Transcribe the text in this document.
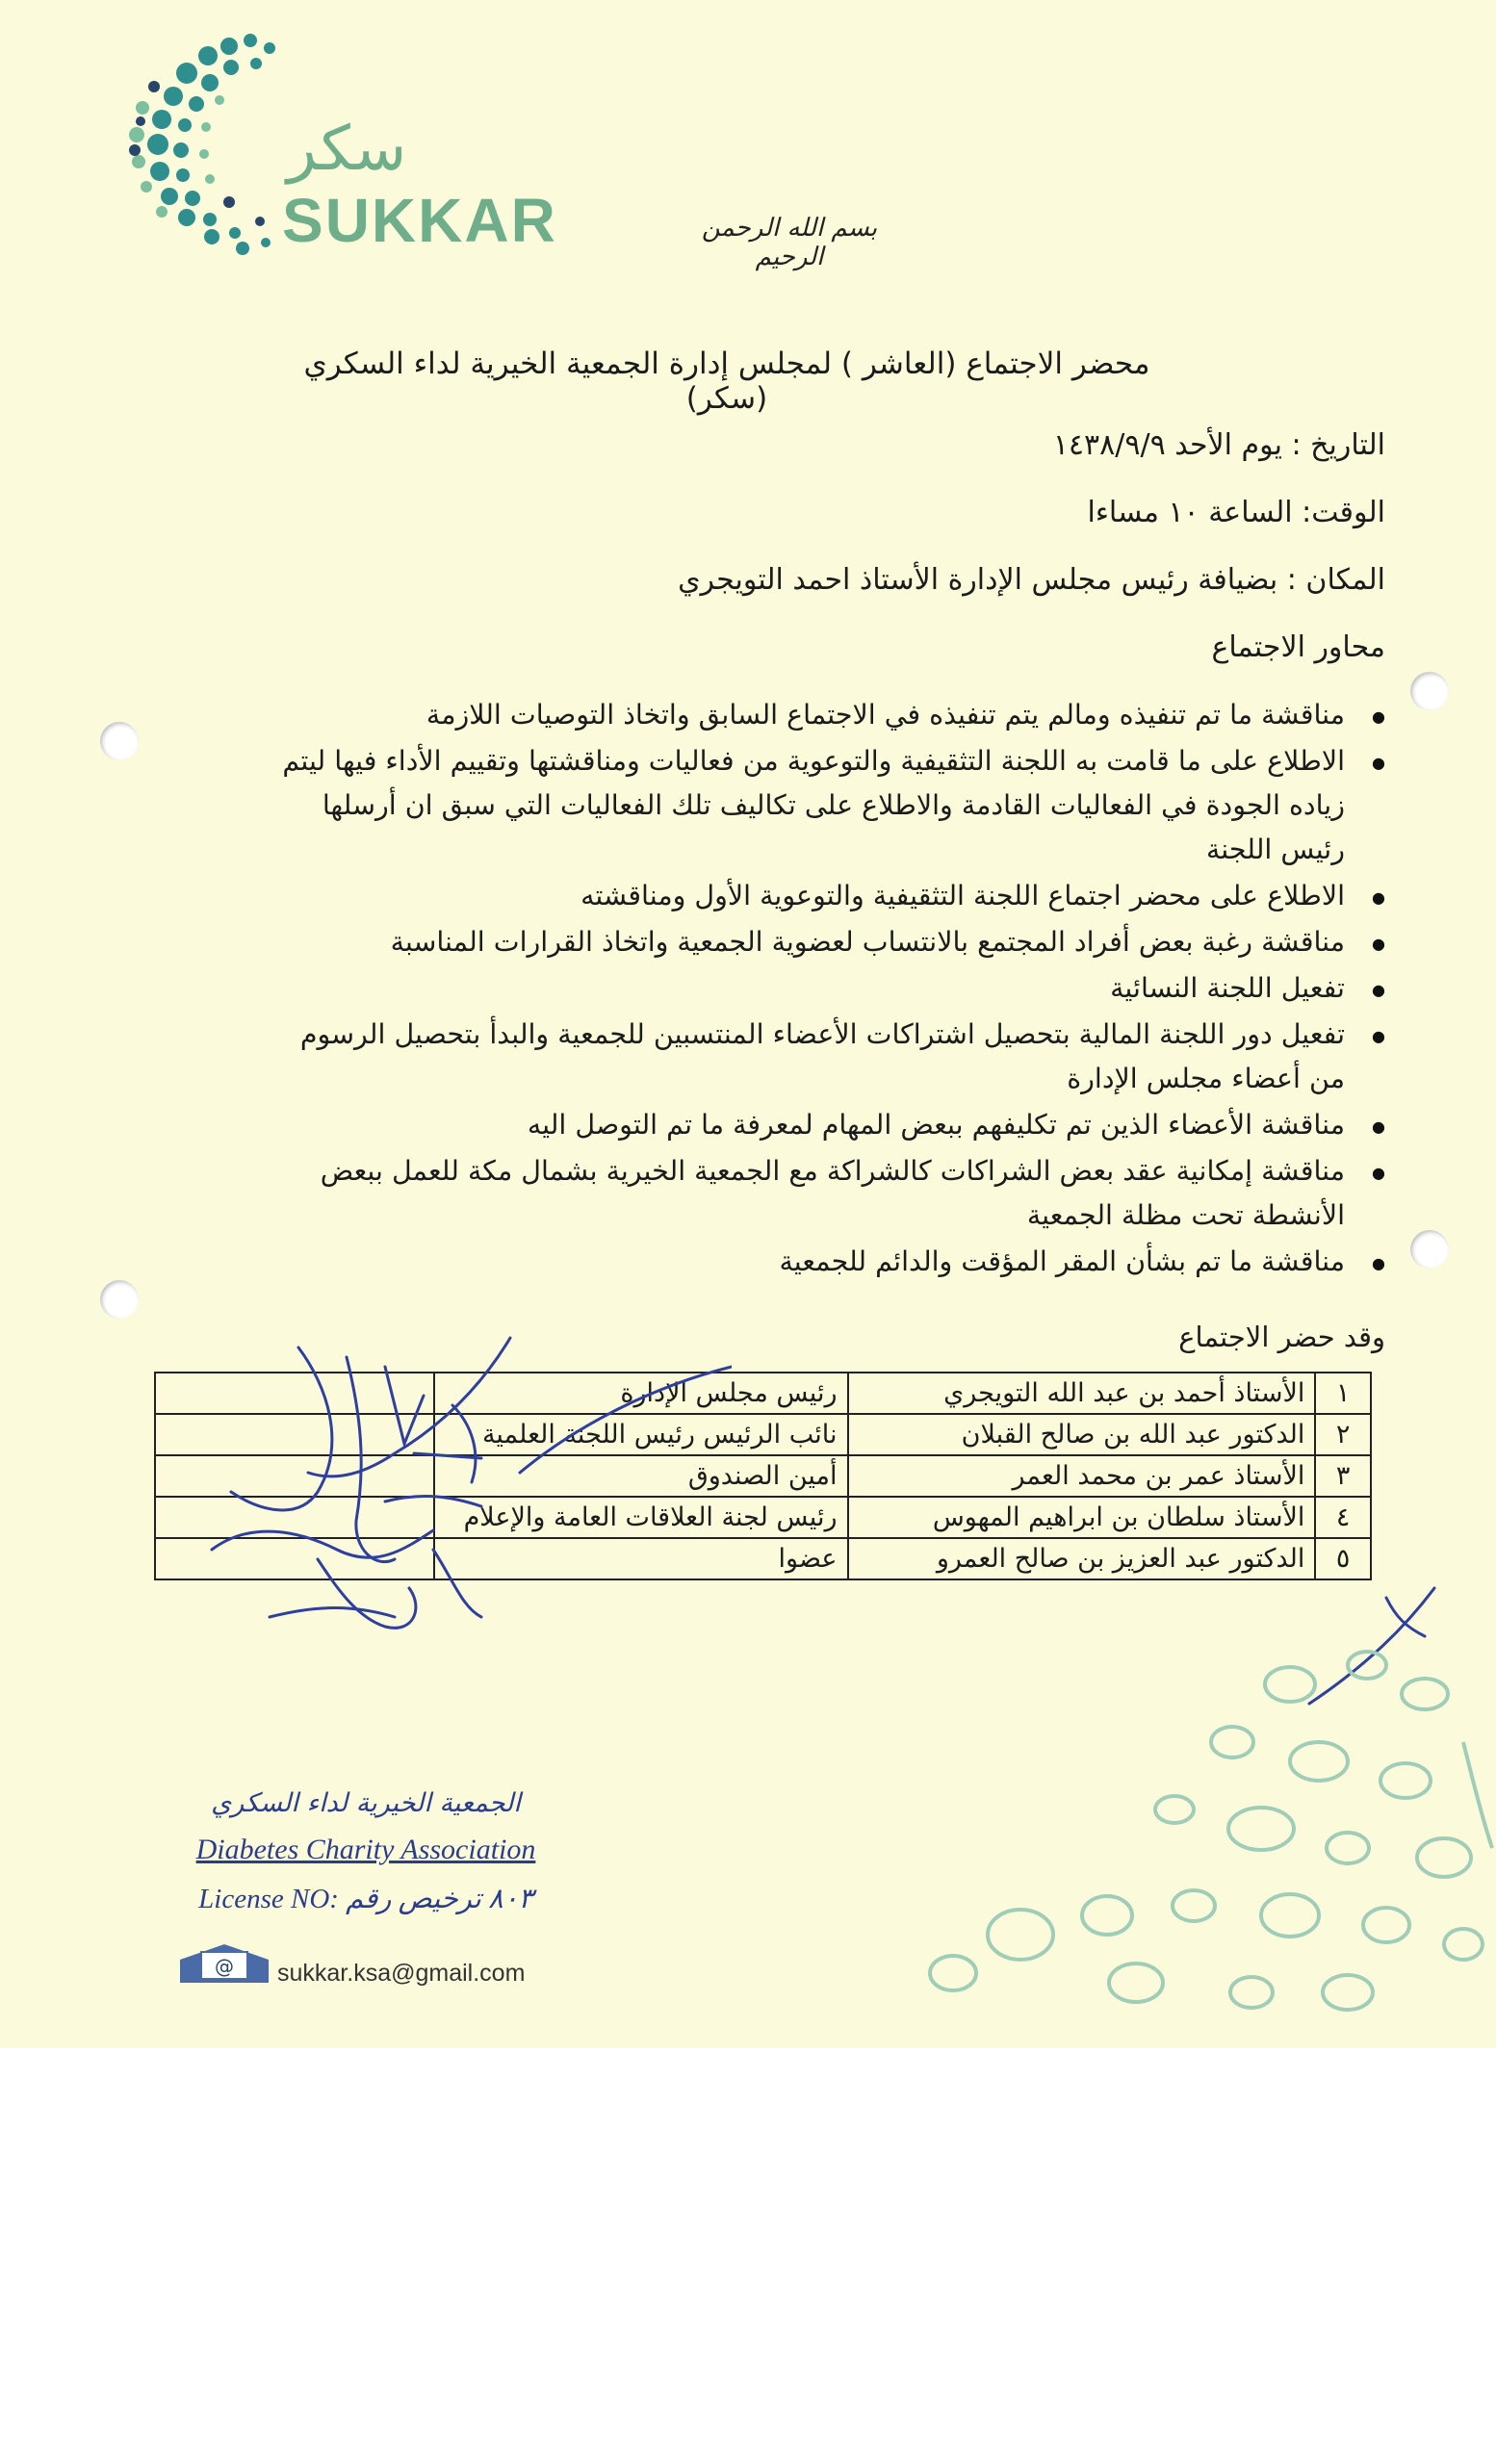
سكر
SUKKAR	بسم الله الرحمن الرحيم
محضر الاجتماع (العاشر ) لمجلس إدارة الجمعية الخيرية لداء السكري (سكر)
التاريخ : يوم الأحد ١٤٣٨/٩/٩
الوقت: الساعة ١٠ مساءا
المكان : بضيافة رئيس مجلس الإدارة الأستاذ احمد التويجري
محاور الاجتماع
● مناقشة ما تم تنفيذه ومالم يتم تنفيذه في الاجتماع السابق واتخاذ التوصيات اللازمة
● الاطلاع على ما قامت به اللجنة التثقيفية والتوعوية من فعاليات ومناقشتها وتقييم الأداء فيها ليتم زياده الجودة في الفعاليات القادمة والاطلاع على تكاليف تلك الفعاليات التي سبق ان أرسلها رئيس اللجنة
● الاطلاع على محضر اجتماع اللجنة التثقيفية والتوعوية الأول ومناقشته
● مناقشة رغبة بعض أفراد المجتمع بالانتساب لعضوية الجمعية واتخاذ القرارات المناسبة
● تفعيل اللجنة النسائية
● تفعيل دور اللجنة المالية بتحصيل اشتراكات الأعضاء المنتسبين للجمعية والبدأ بتحصيل الرسوم من أعضاء مجلس الإدارة
● مناقشة الأعضاء الذين تم تكليفهم ببعض المهام لمعرفة ما تم التوصل اليه
● مناقشة إمكانية عقد بعض الشراكات كالشراكة مع الجمعية الخيرية بشمال مكة للعمل ببعض الأنشطة تحت مظلة الجمعية
● مناقشة ما تم بشأن المقر المؤقت والدائم للجمعية
وقد حضر الاجتماع
١	الأستاذ أحمد بن عبد الله التويجري	رئيس مجلس الإدارة	
٢	الدكتور عبد الله بن صالح القبلان	نائب الرئيس رئيس اللجنة العلمية	
٣	الأستاذ عمر بن محمد العمر	أمين الصندوق	
٤	الأستاذ سلطان بن ابراهيم المهوس	رئيس لجنة العلاقات العامة والإعلام	
٥	الدكتور عبد العزيز بن صالح العمرو	عضوا	
الجمعية الخيرية لداء السكري
Diabetes Charity Association
License NO: ٨٠٣ ترخيص رقم
@ sukkar.ksa@gmail.com
